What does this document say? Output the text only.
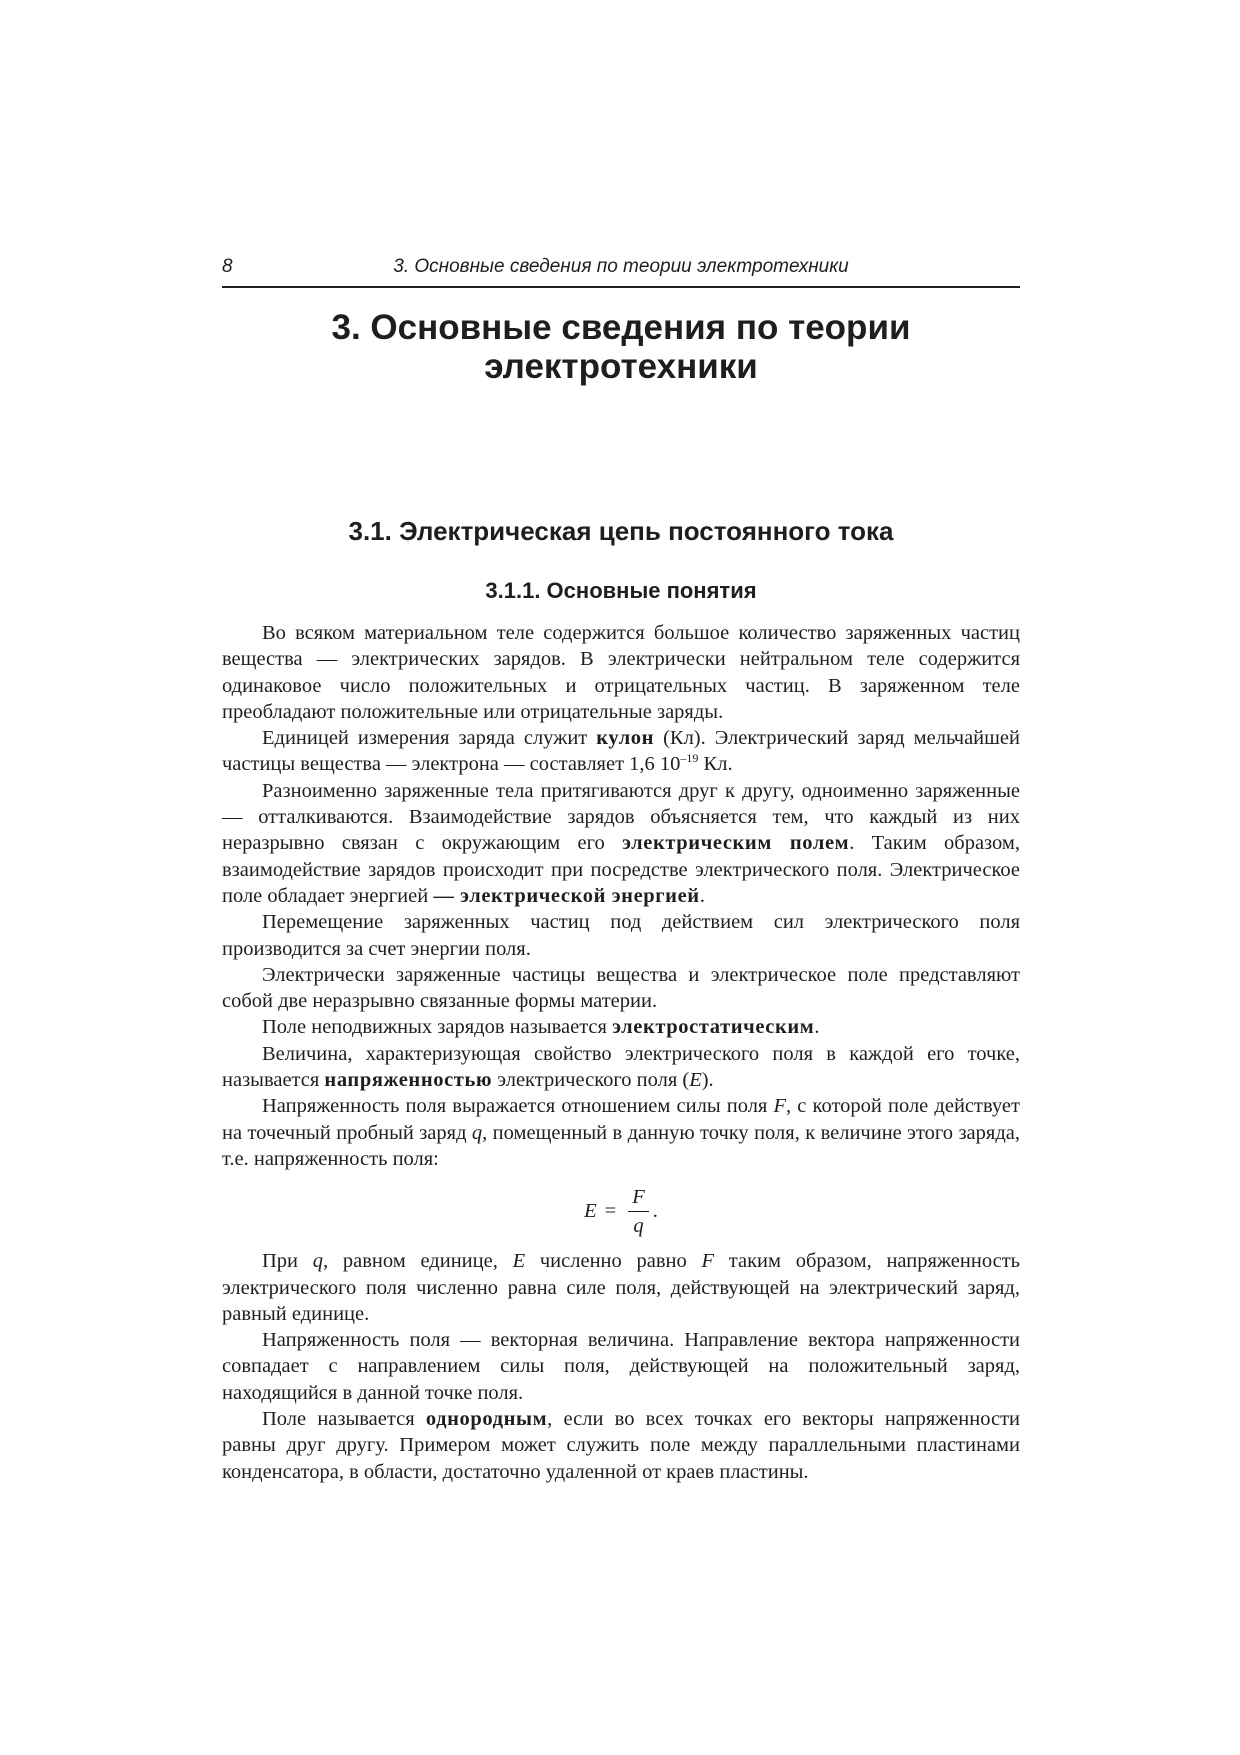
8	3. Основные сведения по теории электротехники
3. Основные сведения по теории
электротехники
3.1. Электрическая цепь постоянного тока
3.1.1. Основные понятия

Во всяком материальном теле содержится большое количество заряженных частиц вещества — электрических зарядов. В электрически нейтральном теле содержится одинаковое число положительных и отрицательных частиц. В заряженном теле преобладают положительные или отрицательные заряды.

Единицей измерения заряда служит кулон (Кл). Электрический заряд мельчайшей частицы вещества — электрона — составляет 1,6 $10^{-19}$ Кл.

Разноименно заряженные тела притягиваются друг к другу, одноименно заряженные — отталкиваются. Взаимодействие зарядов объясняется тем, что каждый из них неразрывно связан с окружающим его электрическим полем. Таким образом, взаимодействие зарядов происходит при посредстве электрического поля. Электрическое поле обладает энергией — электрической энергией.

Перемещение заряженных частиц под действием сил электрического поля производится за счет энергии поля.

Электрически заряженные частицы вещества и электрическое поле представляют собой две неразрывно связанные формы материи.

Поле неподвижных зарядов называется электростатическим.

Величина, характеризующая свойство электрического поля в каждой его точке, называется напряженностью электрического поля (E).

Напряженность поля выражается отношением силы поля F, с которой поле действует на точечный пробный заряд q, помещенный в данную точку поля, к величине этого заряда, т.е. напряженность поля:

$E = \frac{F}{q}$ .

При q, равном единице, E численно равно F таким образом, напряженность электрического поля численно равна силе поля, действующей на электрический заряд, равный единице.

Напряженность поля — векторная величина. Направление вектора напряженности совпадает с направлением силы поля, действующей на положительный заряд, находящийся в данной точке поля.

Поле называется однородным, если во всех точках его векторы напряженности равны друг другу. Примером может служить поле между параллельными пластинами конденсатора, в области, достаточно удаленной от краев пластины.
